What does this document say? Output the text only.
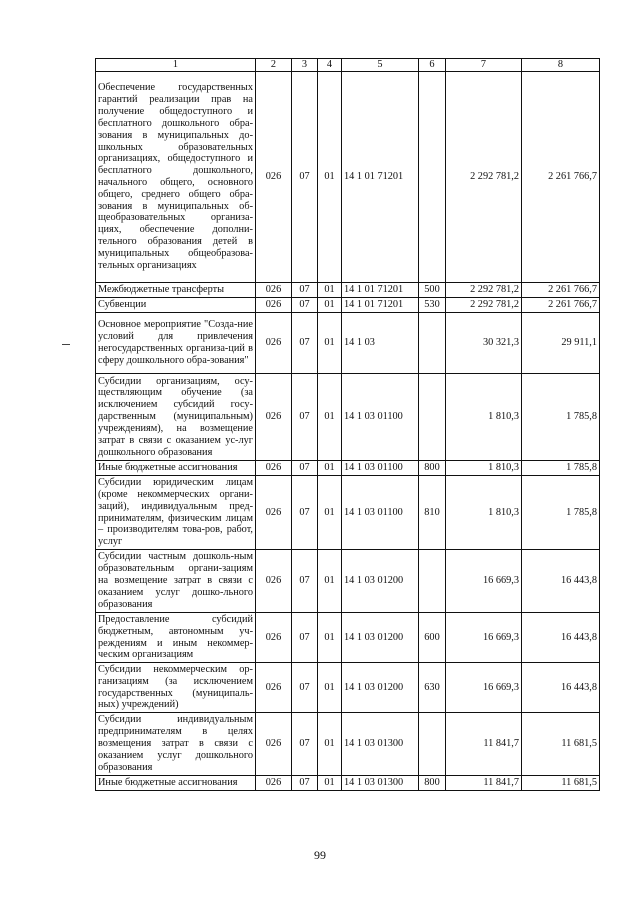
1	2	3	4	5	6	7	8
Обеспечение государственных гарантий реализации прав на получение общедоступного и бесплатного дошкольного обра-зования в муниципальных до-школьных образовательных организациях, общедоступного и бесплатного дошкольного, начального общего, основного общего, среднего общего обра-зования в муниципальных об-щеобразовательных организа-циях, обеспечение дополни-тельного образования детей в муниципальных общеобразова-тельных организациях	026	07	01	14 1 01 71201		2 292 781,2	2 261 766,7
Межбюджетные трансферты	026	07	01	14 1 01 71201	500	2 292 781,2	2 261 766,7
Субвенции	026	07	01	14 1 01 71201	530	2 292 781,2	2 261 766,7
Основное мероприятие "Созда-ние условий для привлечения негосударственных организа-ций в сферу дошкольного обра-зования"	026	07	01	14 1 03		30 321,3	29 911,1
Субсидии организациям, осу-ществляющим обучение (за исключением субсидий госу-дарственным (муниципальным) учреждениям), на возмещение затрат в связи с оказанием ус-луг дошкольного образования	026	07	01	14 1 03 01100		1 810,3	1 785,8
Иные бюджетные ассигнования	026	07	01	14 1 03 01100	800	1 810,3	1 785,8
Субсидии юридическим лицам (кроме некоммерческих органи-заций), индивидуальным пред-принимателям, физическим лицам – производителям това-ров, работ, услуг	026	07	01	14 1 03 01100	810	1 810,3	1 785,8
Субсидии частным дошколь-ным образовательным органи-зациям на возмещение затрат в связи с оказанием услуг дошко-льного образования	026	07	01	14 1 03 01200		16 669,3	16 443,8
Предоставление субсидий бюджетным, автономным уч-реждениям и иным некоммер-ческим организациям	026	07	01	14 1 03 01200	600	16 669,3	16 443,8
Субсидии некоммерческим ор-ганизациям (за исключением государственных (муниципаль-ных) учреждений)	026	07	01	14 1 03 01200	630	16 669,3	16 443,8
Субсидии индивидуальным предпринимателям в целях возмещения затрат в связи с оказанием услуг дошкольного образования	026	07	01	14 1 03 01300		11 841,7	11 681,5
Иные бюджетные ассигнования	026	07	01	14 1 03 01300	800	11 841,7	11 681,5
99
